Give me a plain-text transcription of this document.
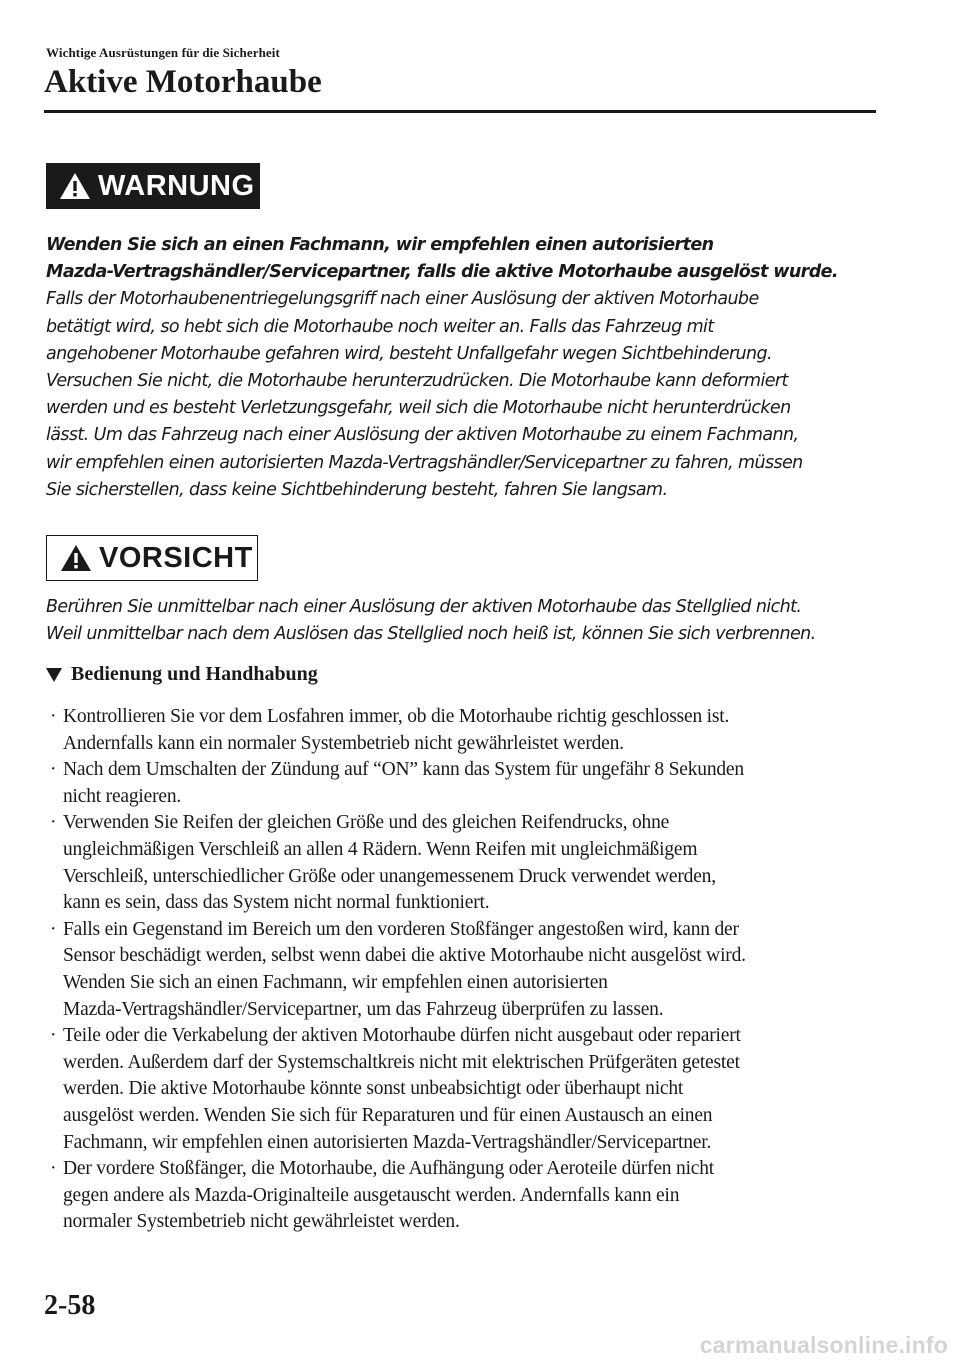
Wichtige Ausrüstungen für die Sicherheit
Aktive Motorhaube
WARNUNG

Wenden Sie sich an einen Fachmann, wir empfehlen einen autorisierten

Mazda-Vertragshändler/Servicepartner, falls die aktive Motorhaube ausgelöst wurde.

Falls der Motorhaubenentriegelungsgriff nach einer Auslösung der aktiven Motorhaube

betätigt wird, so hebt sich die Motorhaube noch weiter an. Falls das Fahrzeug mit

angehobener Motorhaube gefahren wird, besteht Unfallgefahr wegen Sichtbehinderung.

Versuchen Sie nicht, die Motorhaube herunterzudrücken. Die Motorhaube kann deformiert

werden und es besteht Verletzungsgefahr, weil sich die Motorhaube nicht herunterdrücken

lässt. Um das Fahrzeug nach einer Auslösung der aktiven Motorhaube zu einem Fachmann,

wir empfehlen einen autorisierten Mazda-Vertragshändler/Servicepartner zu fahren, müssen

Sie sicherstellen, dass keine Sichtbehinderung besteht, fahren Sie langsam.

VORSICHT

Berühren Sie unmittelbar nach einer Auslösung der aktiven Motorhaube das Stellglied nicht.

Weil unmittelbar nach dem Auslösen das Stellglied noch heiß ist, können Sie sich verbrennen.

Bedienung und Handhabung
· Kontrollieren Sie vor dem Losfahren immer, ob die Motorhaube richtig geschlossen ist.
Andernfalls kann ein normaler Systembetrieb nicht gewährleistet werden.
· Nach dem Umschalten der Zündung auf “ON” kann das System für ungefähr 8 Sekunden
nicht reagieren.
· Verwenden Sie Reifen der gleichen Größe und des gleichen Reifendrucks, ohne
ungleichmäßigen Verschleiß an allen 4 Rädern. Wenn Reifen mit ungleichmäßigem
Verschleiß, unterschiedlicher Größe oder unangemessenem Druck verwendet werden,
kann es sein, dass das System nicht normal funktioniert.
· Falls ein Gegenstand im Bereich um den vorderen Stoßfänger angestoßen wird, kann der
Sensor beschädigt werden, selbst wenn dabei die aktive Motorhaube nicht ausgelöst wird.
Wenden Sie sich an einen Fachmann, wir empfehlen einen autorisierten
Mazda-Vertragshändler/Servicepartner, um das Fahrzeug überprüfen zu lassen.
· Teile oder die Verkabelung der aktiven Motorhaube dürfen nicht ausgebaut oder repariert
werden. Außerdem darf der Systemschaltkreis nicht mit elektrischen Prüfgeräten getestet
werden. Die aktive Motorhaube könnte sonst unbeabsichtigt oder überhaupt nicht
ausgelöst werden. Wenden Sie sich für Reparaturen und für einen Austausch an einen
Fachmann, wir empfehlen einen autorisierten Mazda-Vertragshändler/Servicepartner.
· Der vordere Stoßfänger, die Motorhaube, die Aufhängung oder Aeroteile dürfen nicht
gegen andere als Mazda-Originalteile ausgetauscht werden. Andernfalls kann ein
normaler Systembetrieb nicht gewährleistet werden.
2-58
carmanualsonline.info
